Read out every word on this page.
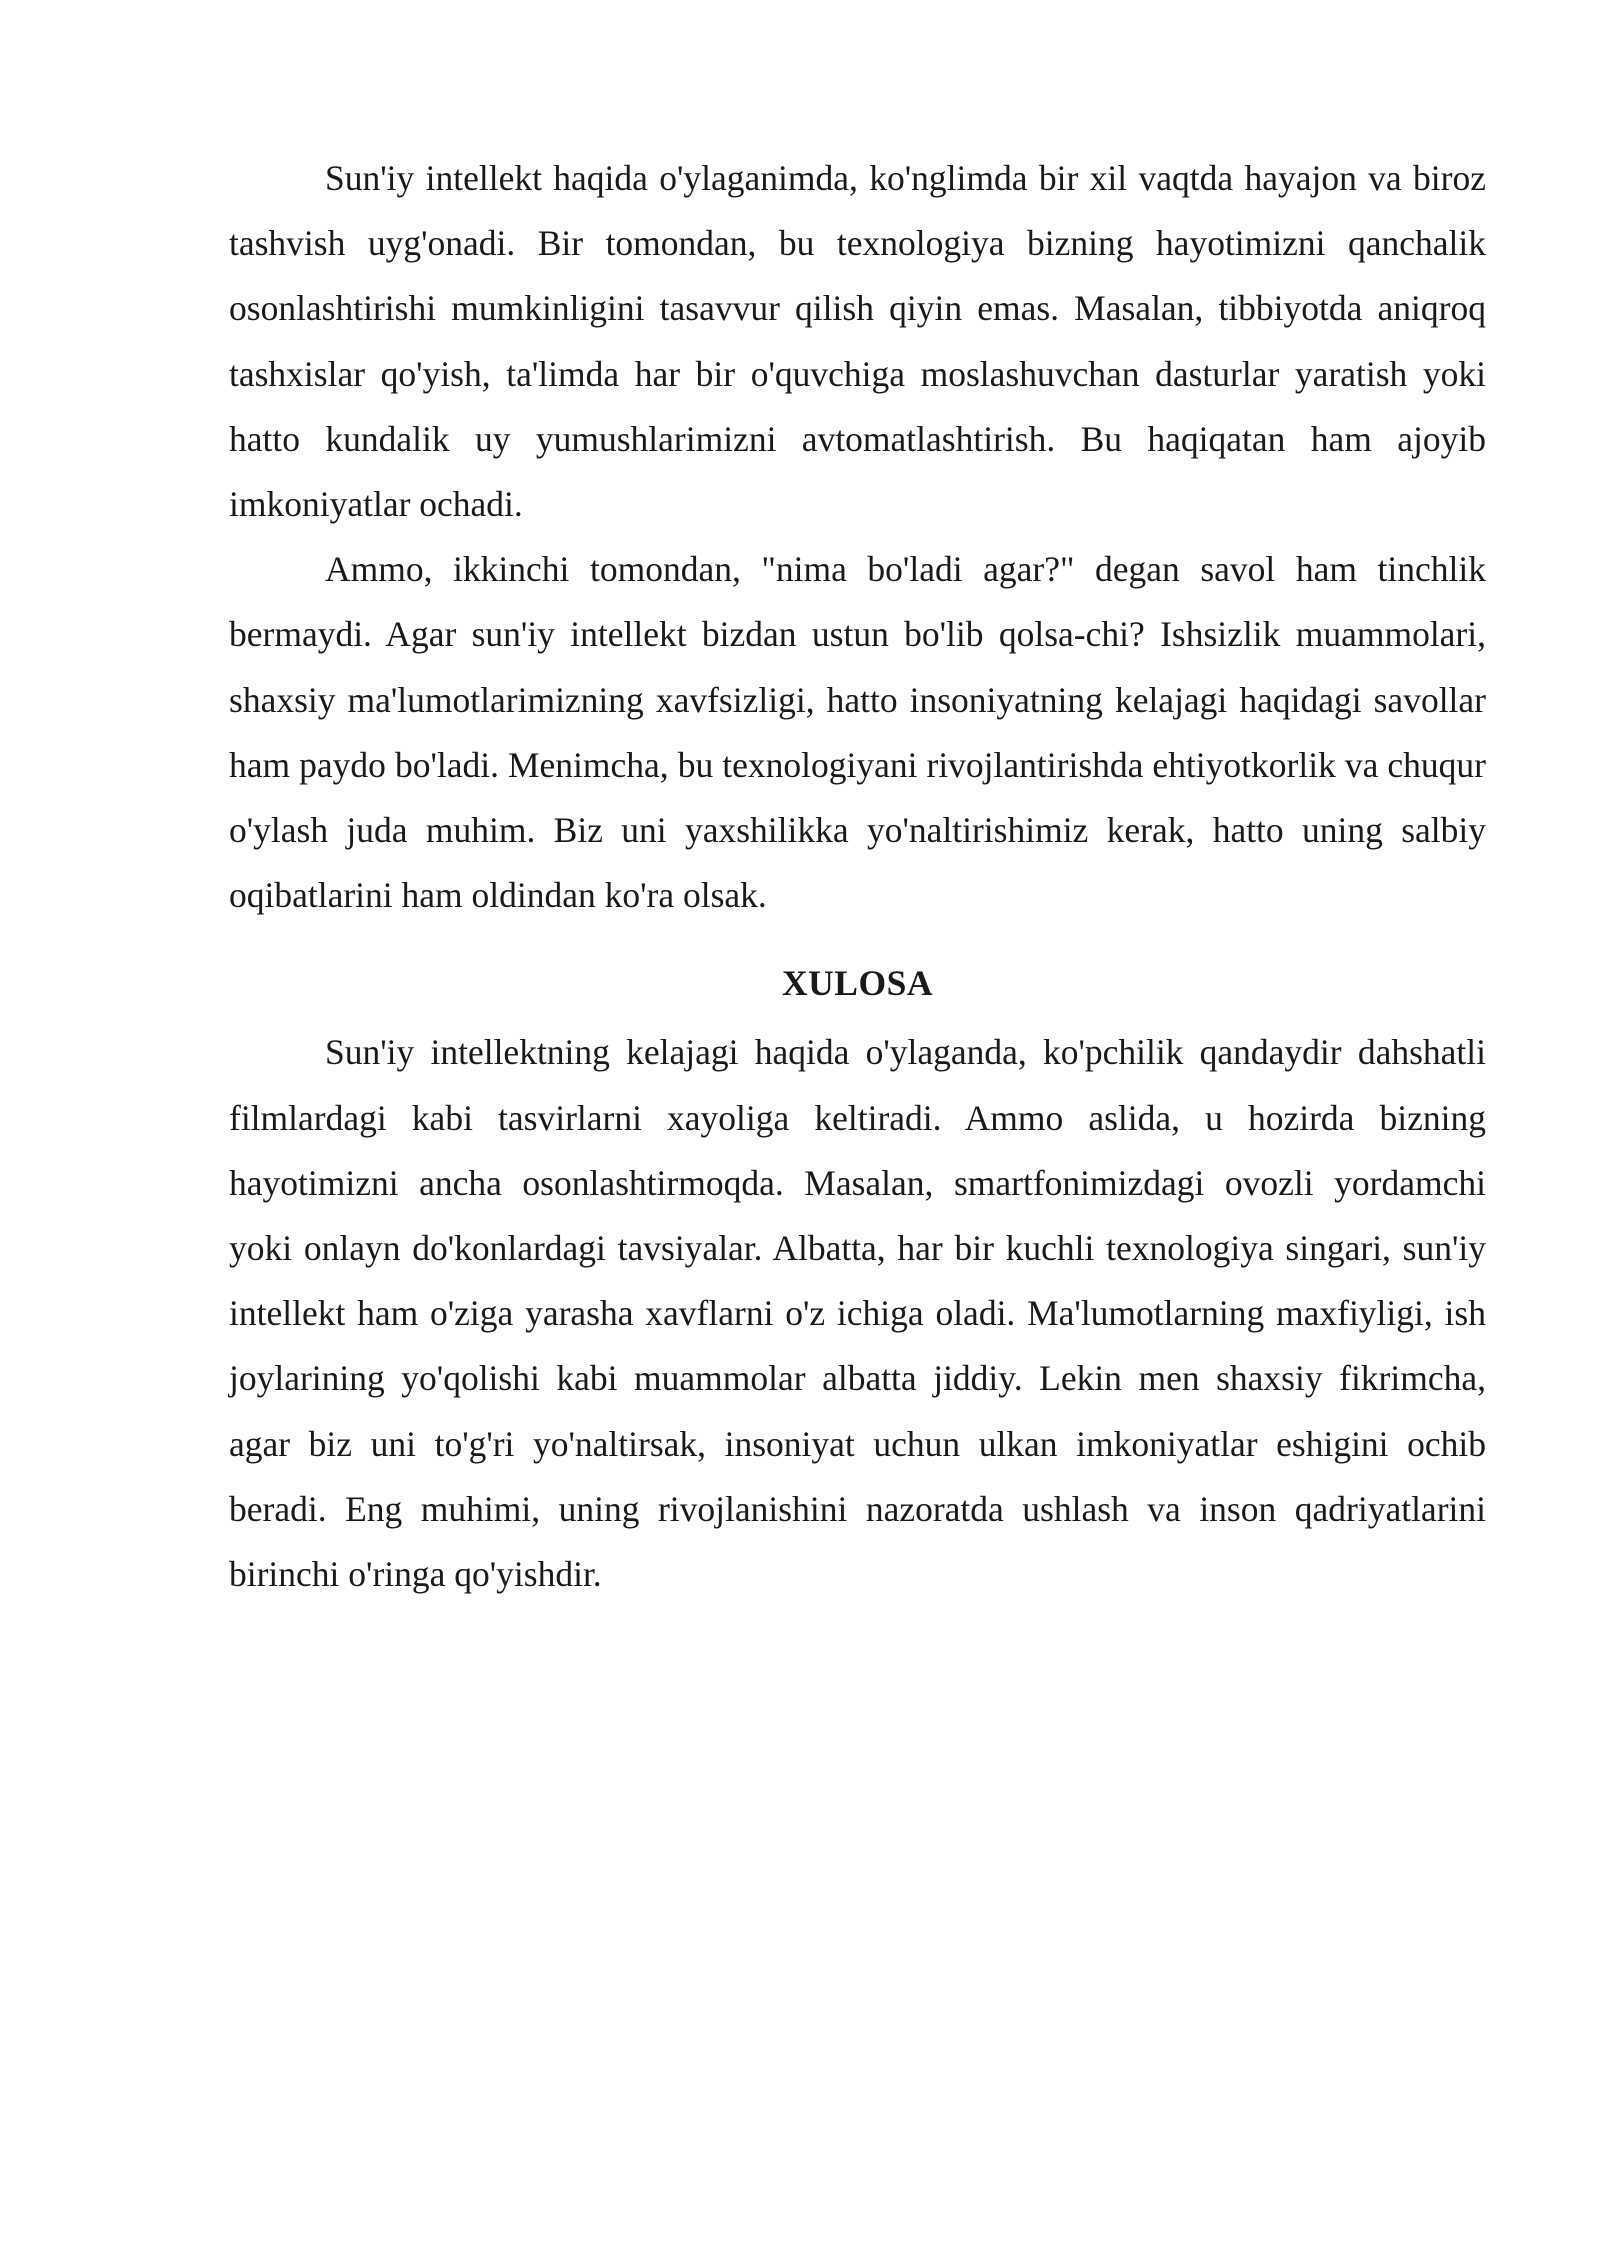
Sun'iy intellekt haqida o'ylaganimda, ko'nglimda bir xil vaqtda hayajon va biroz tashvish uyg'onadi. Bir tomondan, bu texnologiya bizning hayotimizni qanchalik osonlashtirishi mumkinligini tasavvur qilish qiyin emas. Masalan, tibbiyotda aniqroq tashxislar qo'yish, ta'limda har bir o'quvchiga moslashuvchan dasturlar yaratish yoki hatto kundalik uy yumushlarimizni avtomatlashtirish. Bu haqiqatan ham ajoyib imkoniyatlar ochadi.

Ammo, ikkinchi tomondan, "nima bo'ladi agar?" degan savol ham tinchlik bermaydi. Agar sun'iy intellekt bizdan ustun bo'lib qolsa-chi? Ishsizlik muammolari, shaxsiy ma'lumotlarimizning xavfsizligi, hatto insoniyatning kelajagi haqidagi savollar ham paydo bo'ladi. Menimcha, bu texnologiyani rivojlantirishda ehtiyotkorlik va chuqur o'ylash juda muhim. Biz uni yaxshilikka yo'naltirishimiz kerak, hatto uning salbiy oqibatlarini ham oldindan ko'ra olsak.

XULOSA

Sun'iy intellektning kelajagi haqida o'ylaganda, ko'pchilik qandaydir dahshatli filmlardagi kabi tasvirlarni xayoliga keltiradi. Ammo aslida, u hozirda bizning hayotimizni ancha osonlashtirmoqda. Masalan, smartfonimizdagi ovozli yordamchi yoki onlayn do'konlardagi tavsiyalar. Albatta, har bir kuchli texnologiya singari, sun'iy intellekt ham o'ziga yarasha xavflarni o'z ichiga oladi. Ma'lumotlarning maxfiyligi, ish joylarining yo'qolishi kabi muammolar albatta jiddiy. Lekin men shaxsiy fikrimcha, agar biz uni to'g'ri yo'naltirsak, insoniyat uchun ulkan imkoniyatlar eshigini ochib beradi. Eng muhimi, uning rivojlanishini nazoratda ushlash va inson qadriyatlarini birinchi o'ringa qo'yishdir.
